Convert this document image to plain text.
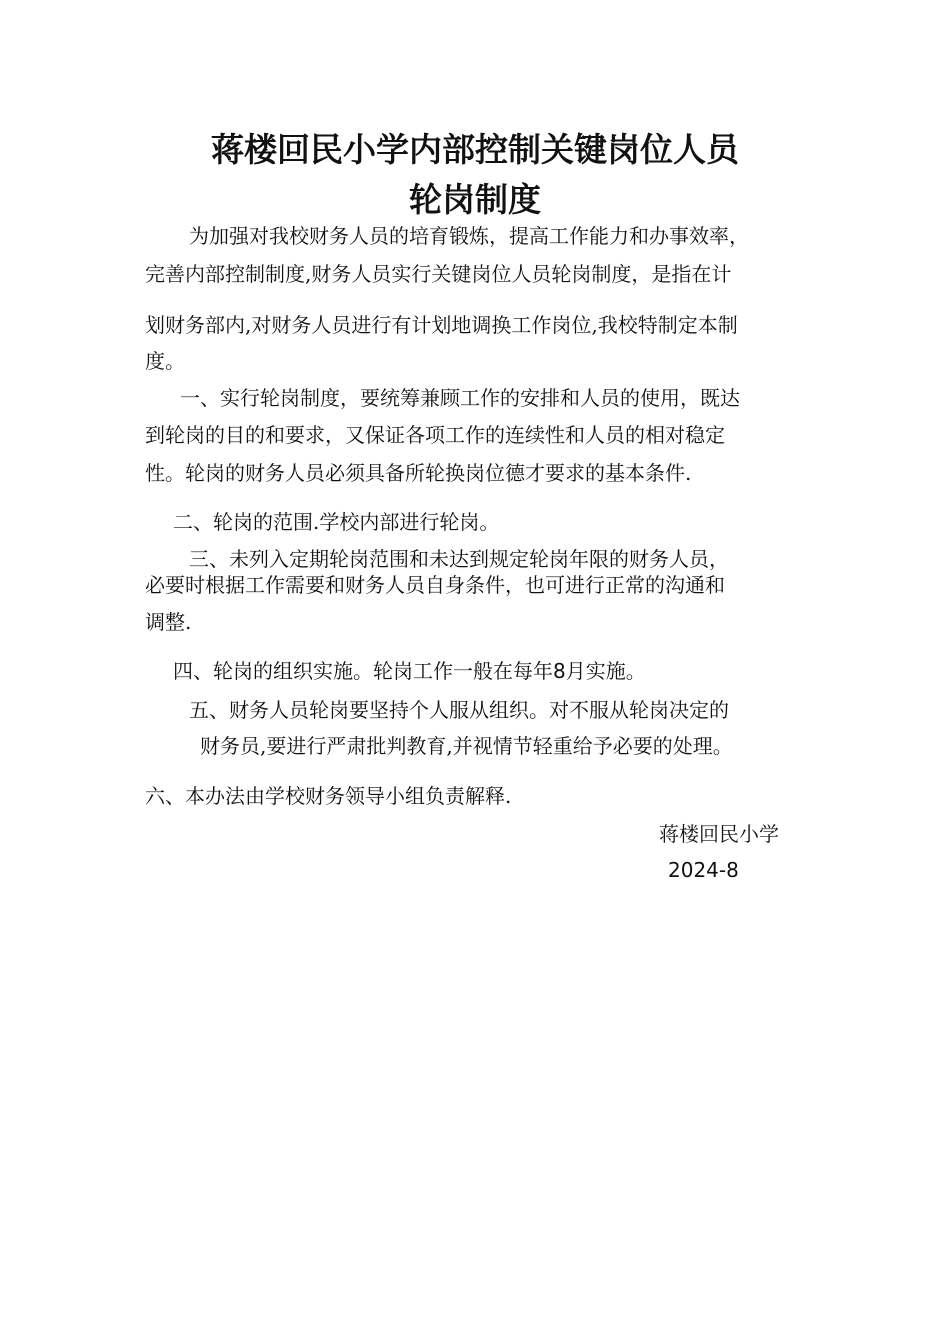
蒋楼回民小学内部控制关键岗位人员
轮岗制度

为加强对我校财务人员的培育锻炼，提高工作能力和办事效率，

完善内部控制制度,财务人员实行关键岗位人员轮岗制度，是指在计

划财务部内,对财务人员进行有计划地调换工作岗位,我校特制定本制

度。

一、实行轮岗制度，要统筹兼顾工作的安排和人员的使用，既达

到轮岗的目的和要求，又保证各项工作的连续性和人员的相对稳定

性。轮岗的财务人员必须具备所轮换岗位德才要求的基本条件.

二、轮岗的范围.学校内部进行轮岗。

三、未列入定期轮岗范围和未达到规定轮岗年限的财务人员，

必要时根据工作需要和财务人员自身条件，也可进行正常的沟通和

调整.

四、轮岗的组织实施。轮岗工作一般在每年8月实施。

五、财务人员轮岗要坚持个人服从组织。对不服从轮岗决定的

财务员,要进行严肃批判教育,并视情节轻重给予必要的处理。

六、本办法由学校财务领导小组负责解释.

蒋楼回民小学

2024-8
